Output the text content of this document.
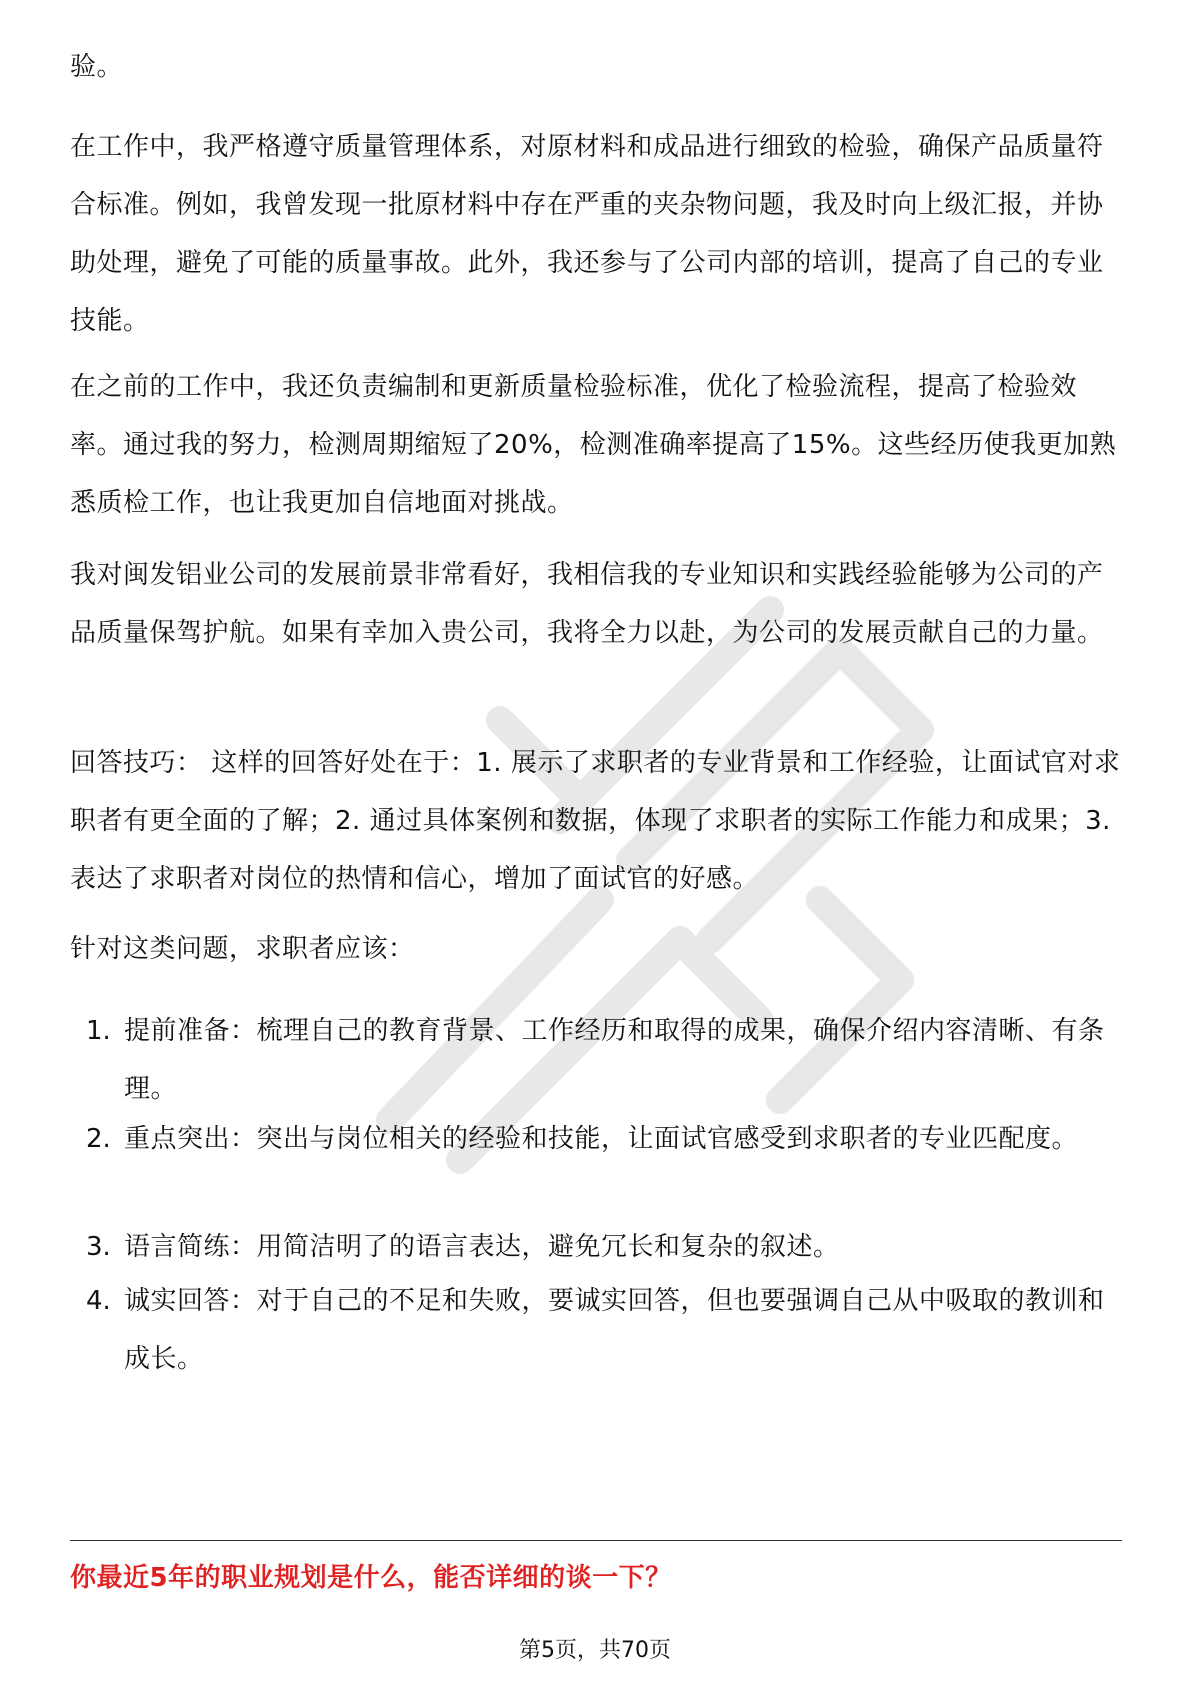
验。

在工作中，我严格遵守质量管理体系，对原材料和成品进行细致的检验，确保产品质量符合标准。例如，我曾发现一批原材料中存在严重的夹杂物问题，我及时向上级汇报，并协助处理，避免了可能的质量事故。此外，我还参与了公司内部的培训，提高了自己的专业技能。

在之前的工作中，我还负责编制和更新质量检验标准，优化了检验流程，提高了检验效率。通过我的努力，检测周期缩短了20%，检测准确率提高了15%。这些经历使我更加熟悉质检工作，也让我更加自信地面对挑战。

我对闽发铝业公司的发展前景非常看好，我相信我的专业知识和实践经验能够为公司的产品质量保驾护航。如果有幸加入贵公司，我将全力以赴，为公司的发展贡献自己的力量。

回答技巧： 这样的回答好处在于：1. 展示了求职者的专业背景和工作经验，让面试官对求职者有更全面的了解；2. 通过具体案例和数据，体现了求职者的实际工作能力和成果；3. 表达了求职者对岗位的热情和信心，增加了面试官的好感。

针对这类问题，求职者应该：

1. 提前准备：梳理自己的教育背景、工作经历和取得的成果，确保介绍内容清晰、有条理。
2. 重点突出：突出与岗位相关的经验和技能，让面试官感受到求职者的专业匹配度。
3. 语言简练：用简洁明了的语言表达，避免冗长和复杂的叙述。
4. 诚实回答：对于自己的不足和失败，要诚实回答，但也要强调自己从中吸取的教训和成长。
你最近5年的职业规划是什么，能否详细的谈一下？
第5页，共70页
